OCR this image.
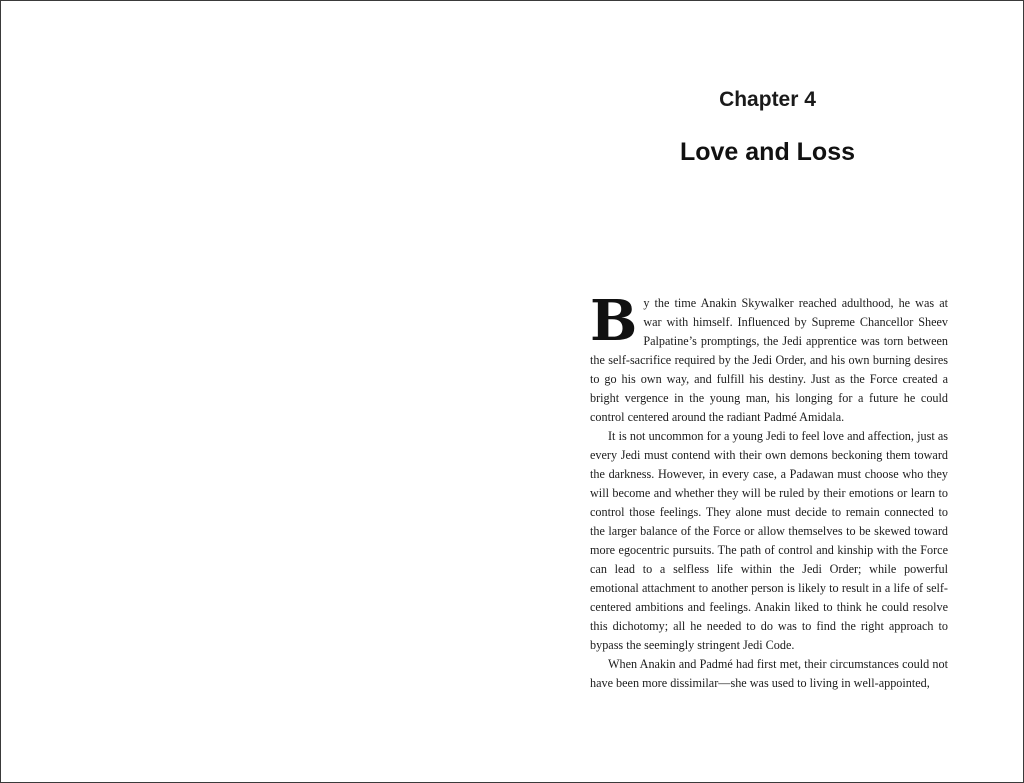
Chapter 4
Love and Loss

By the time Anakin Skywalker reached adulthood, he was at war with himself. Influenced by Supreme Chancellor Sheev Palpatine’s promptings, the Jedi apprentice was torn between the self-sacrifice required by the Jedi Order, and his own burning desires to go his own way, and fulfill his destiny. Just as the Force created a bright vergence in the young man, his longing for a future he could control centered around the radiant Padmé Amidala.

It is not uncommon for a young Jedi to feel love and affection, just as every Jedi must contend with their own demons beckoning them toward the darkness. However, in every case, a Padawan must choose who they will become and whether they will be ruled by their emotions or learn to control those feelings. They alone must decide to remain connected to the larger balance of the Force or allow themselves to be skewed toward more egocentric pursuits. The path of control and kinship with the Force can lead to a selfless life within the Jedi Order; while powerful emotional attachment to another person is likely to result in a life of self-centered ambitions and feelings. Anakin liked to think he could resolve this dichotomy; all he needed to do was to find the right approach to bypass the seemingly stringent Jedi Code.

When Anakin and Padmé had first met, their circumstances could not have been more dissimilar—she was used to living in well-appointed,
